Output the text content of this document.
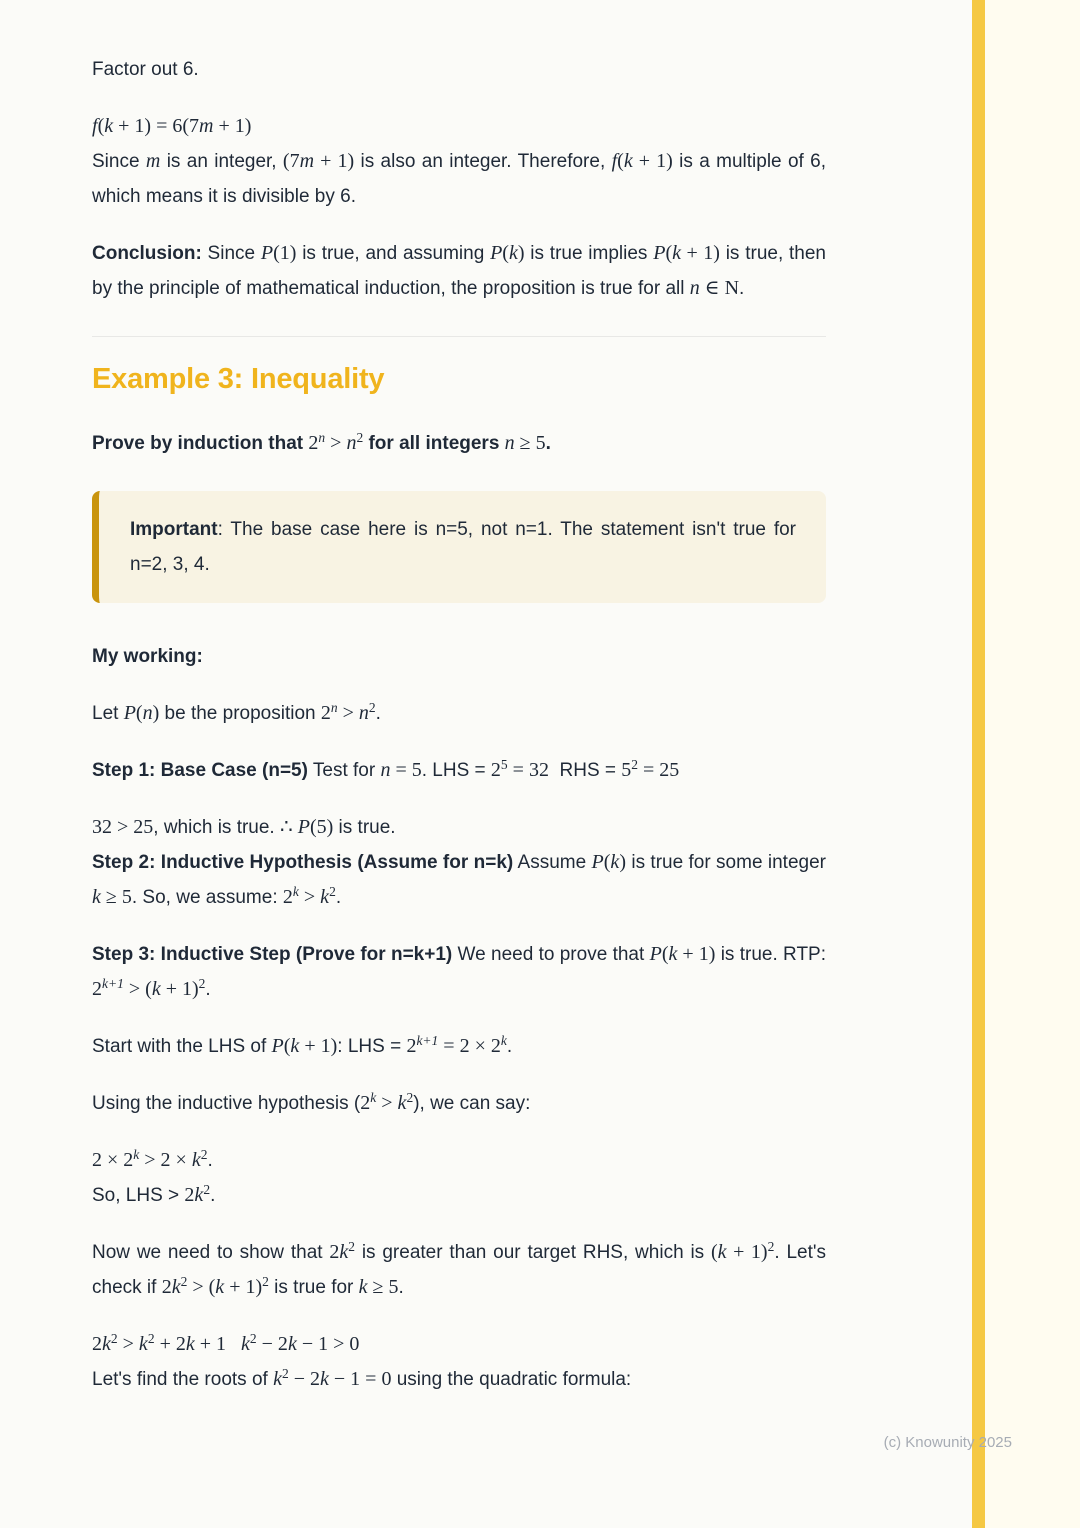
Factor out 6.

f(k + 1) = 6(7m + 1)
Since m is an integer, (7m + 1) is also an integer. Therefore, f(k + 1) is a multiple of 6, which means it is divisible by 6.

Conclusion: Since P(1) is true, and assuming P(k) is true implies P(k + 1) is true, then by the principle of mathematical induction, the proposition is true for all n ∈ N.

Example 3: Inequality

Prove by induction that $2^n > n^2$ for all integers n ≥ 5.

Important: The base case here is n=5, not n=1. The statement isn't true for n=2, 3, 4.

My working:

Let P(n) be the proposition $2^n > n^2$.

Step 1: Base Case (n=5) Test for n = 5. LHS = $2^5 = 32$  RHS = $5^2 = 25$

32 > 25, which is true. ∴ P(5) is true.
Step 2: Inductive Hypothesis (Assume for n=k) Assume P(k) is true for some integer k ≥ 5. So, we assume: $2^k > k^2$.

Step 3: Inductive Step (Prove for n=k+1) We need to prove that P(k + 1) is true. RTP: $2^{k+1} > (k + 1)^2$.

Start with the LHS of P(k + 1): LHS = $2^{k+1} = 2 \times 2^k$.

Using the inductive hypothesis $(2^k > k^2)$, we can say:

$2 \times 2^k > 2 \times k^2$.
So, LHS > $2k^2$.

Now we need to show that $2k^2$ is greater than our target RHS, which is $(k + 1)^2$. Let's check if $2k^2 > (k + 1)^2$ is true for k ≥ 5.

$2k^2 > k^2 + 2k + 1$   $k^2 - 2k - 1 > 0$
Let's find the roots of $k^2 - 2k - 1 = 0$ using the quadratic formula:

(c) Knowunity 2025
